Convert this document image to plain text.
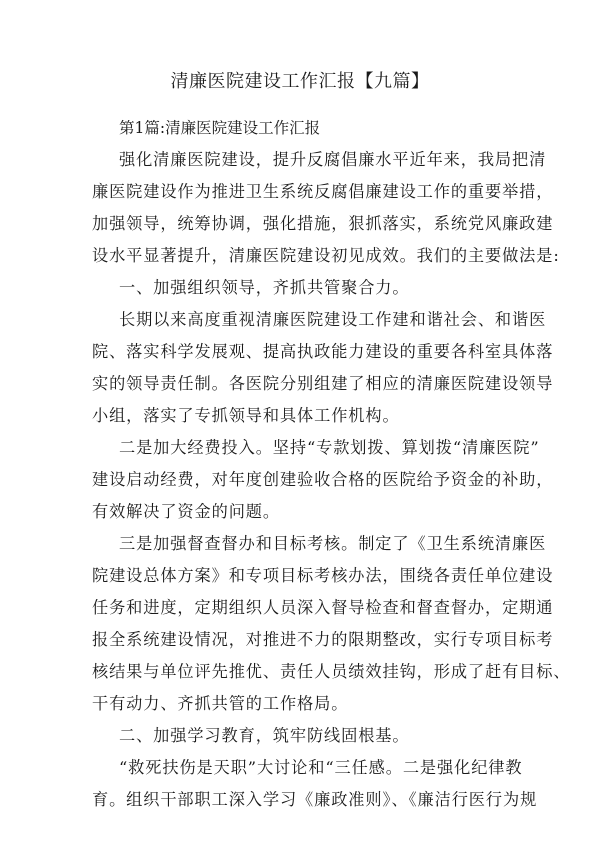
清廉医院建设工作汇报【九篇】
第1篇:清廉医院建设工作汇报
强化清廉医院建设，提升反腐倡廉水平近年来，我局把清
廉医院建设作为推进卫生系统反腐倡廉建设工作的重要举措，
加强领导，统筹协调，强化措施，狠抓落实，系统党风廉政建
设水平显著提升，清廉医院建设初见成效。我们的主要做法是:
一、加强组织领导，齐抓共管聚合力。
长期以来高度重视清廉医院建设工作建和谐社会、和谐医
院、落实科学发展观、提高执政能力建设的重要各科室具体落
实的领导责任制。各医院分别组建了相应的清廉医院建设领导
小组，落实了专抓领导和具体工作机构。
二是加大经费投入。坚持“专款划拨、算划拨“清廉医院”
建设启动经费，对年度创建验收合格的医院给予资金的补助，
有效解决了资金的问题。
三是加强督查督办和目标考核。制定了《卫生系统清廉医
院建设总体方案》和专项目标考核办法，围绕各责任单位建设
任务和进度，定期组织人员深入督导检查和督查督办，定期通
报全系统建设情况，对推进不力的限期整改，实行专项目标考
核结果与单位评先推优、责任人员绩效挂钩，形成了赶有目标、
干有动力、齐抓共管的工作格局。
二、加强学习教育，筑牢防线固根基。
“救死扶伤是天职”大讨论和“三任感。二是强化纪律教
育。组织干部职工深入学习《廉政准则》、《廉洁行医行为规
